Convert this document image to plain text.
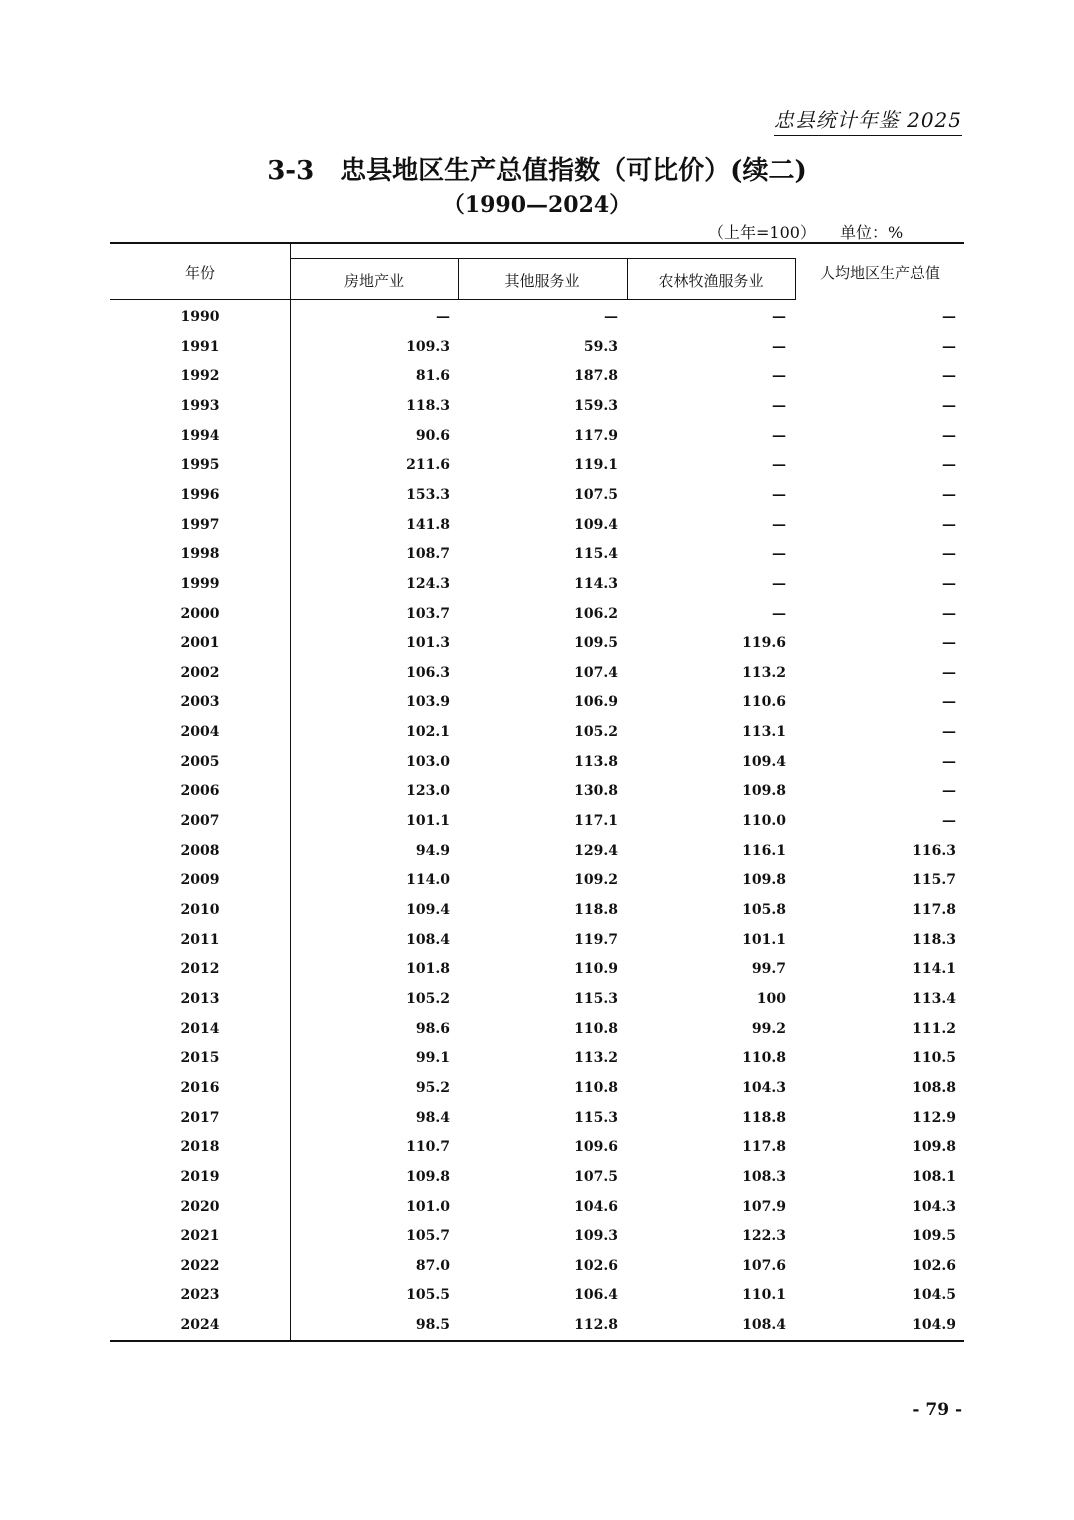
忠县统计年鉴 2025
3-3　忠县地区生产总值指数（可比价）(续二)
（1990—2024）
（上年=100） 单位：%
年份	房地产业	其他服务业	农林牧渔服务业	人均地区生产总值
1990	—	—	—	—
1991	109.3	59.3	—	—
1992	81.6	187.8	—	—
1993	118.3	159.3	—	—
1994	90.6	117.9	—	—
1995	211.6	119.1	—	—
1996	153.3	107.5	—	—
1997	141.8	109.4	—	—
1998	108.7	115.4	—	—
1999	124.3	114.3	—	—
2000	103.7	106.2	—	—
2001	101.3	109.5	119.6	—
2002	106.3	107.4	113.2	—
2003	103.9	106.9	110.6	—
2004	102.1	105.2	113.1	—
2005	103.0	113.8	109.4	—
2006	123.0	130.8	109.8	—
2007	101.1	117.1	110.0	—
2008	94.9	129.4	116.1	116.3
2009	114.0	109.2	109.8	115.7
2010	109.4	118.8	105.8	117.8
2011	108.4	119.7	101.1	118.3
2012	101.8	110.9	99.7	114.1
2013	105.2	115.3	100	113.4
2014	98.6	110.8	99.2	111.2
2015	99.1	113.2	110.8	110.5
2016	95.2	110.8	104.3	108.8
2017	98.4	115.3	118.8	112.9
2018	110.7	109.6	117.8	109.8
2019	109.8	107.5	108.3	108.1
2020	101.0	104.6	107.9	104.3
2021	105.7	109.3	122.3	109.5
2022	87.0	102.6	107.6	102.6
2023	105.5	106.4	110.1	104.5
2024	98.5	112.8	108.4	104.9
- 79 -
